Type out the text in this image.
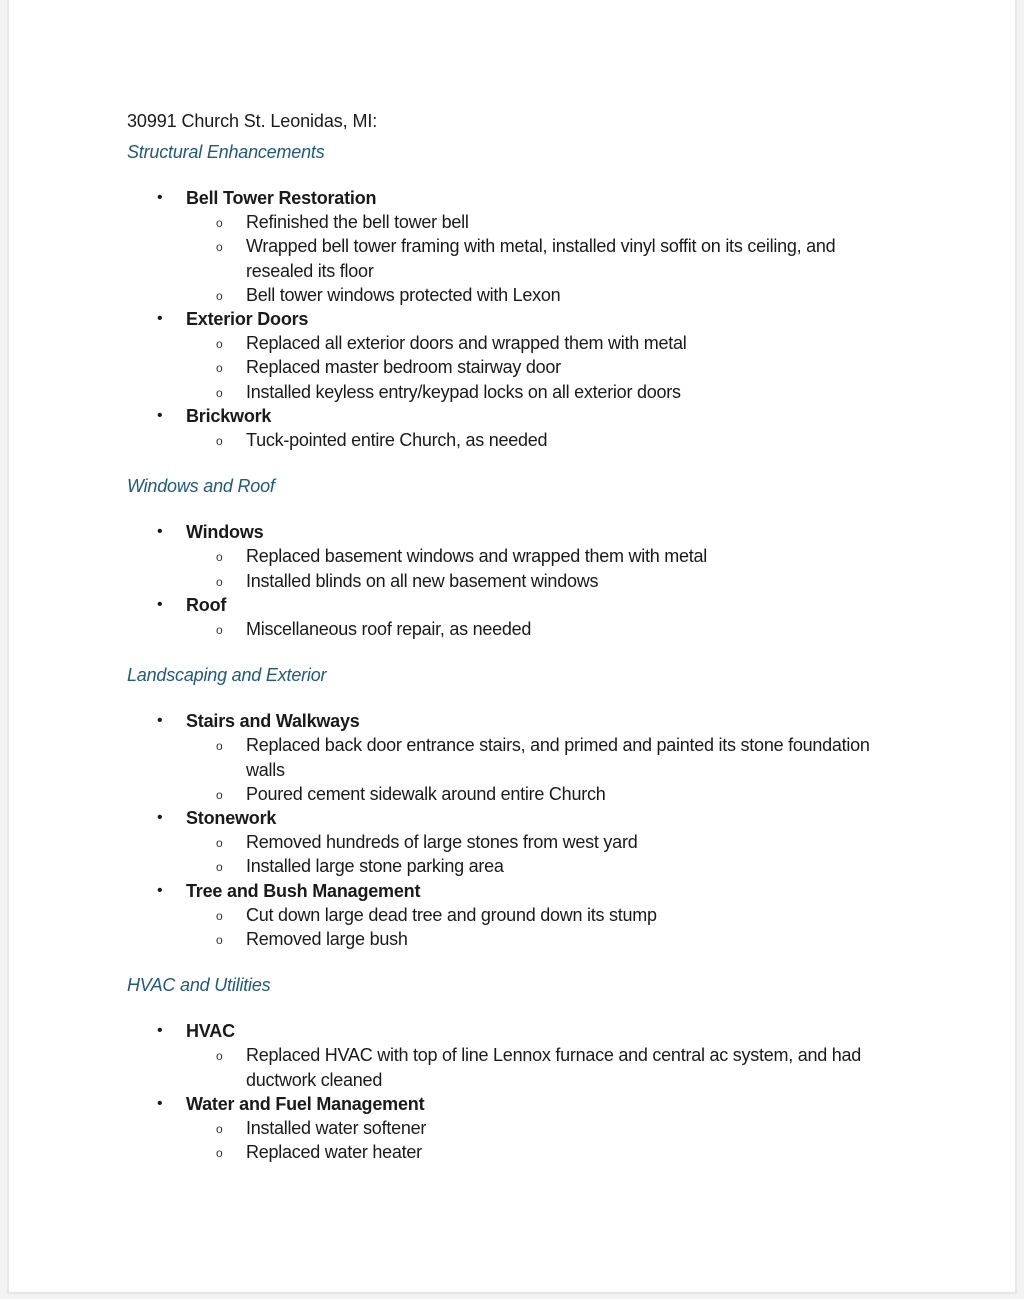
30991 Church St. Leonidas, MI:
Structural Enhancements
• Bell Tower Restoration
o Refinished the bell tower bell
o Wrapped bell tower framing with metal, installed vinyl soffit on its ceiling, and resealed its floor
o Bell tower windows protected with Lexon
• Exterior Doors
o Replaced all exterior doors and wrapped them with metal
o Replaced master bedroom stairway door
o Installed keyless entry/keypad locks on all exterior doors
• Brickwork
o Tuck-pointed entire Church, as needed
Windows and Roof
• Windows
o Replaced basement windows and wrapped them with metal
o Installed blinds on all new basement windows
• Roof
o Miscellaneous roof repair, as needed
Landscaping and Exterior
• Stairs and Walkways
o Replaced back door entrance stairs, and primed and painted its stone foundation walls
o Poured cement sidewalk around entire Church
• Stonework
o Removed hundreds of large stones from west yard
o Installed large stone parking area
• Tree and Bush Management
o Cut down large dead tree and ground down its stump
o Removed large bush
HVAC and Utilities
• HVAC
o Replaced HVAC with top of line Lennox furnace and central ac system, and had ductwork cleaned
• Water and Fuel Management
o Installed water softener
o Replaced water heater
